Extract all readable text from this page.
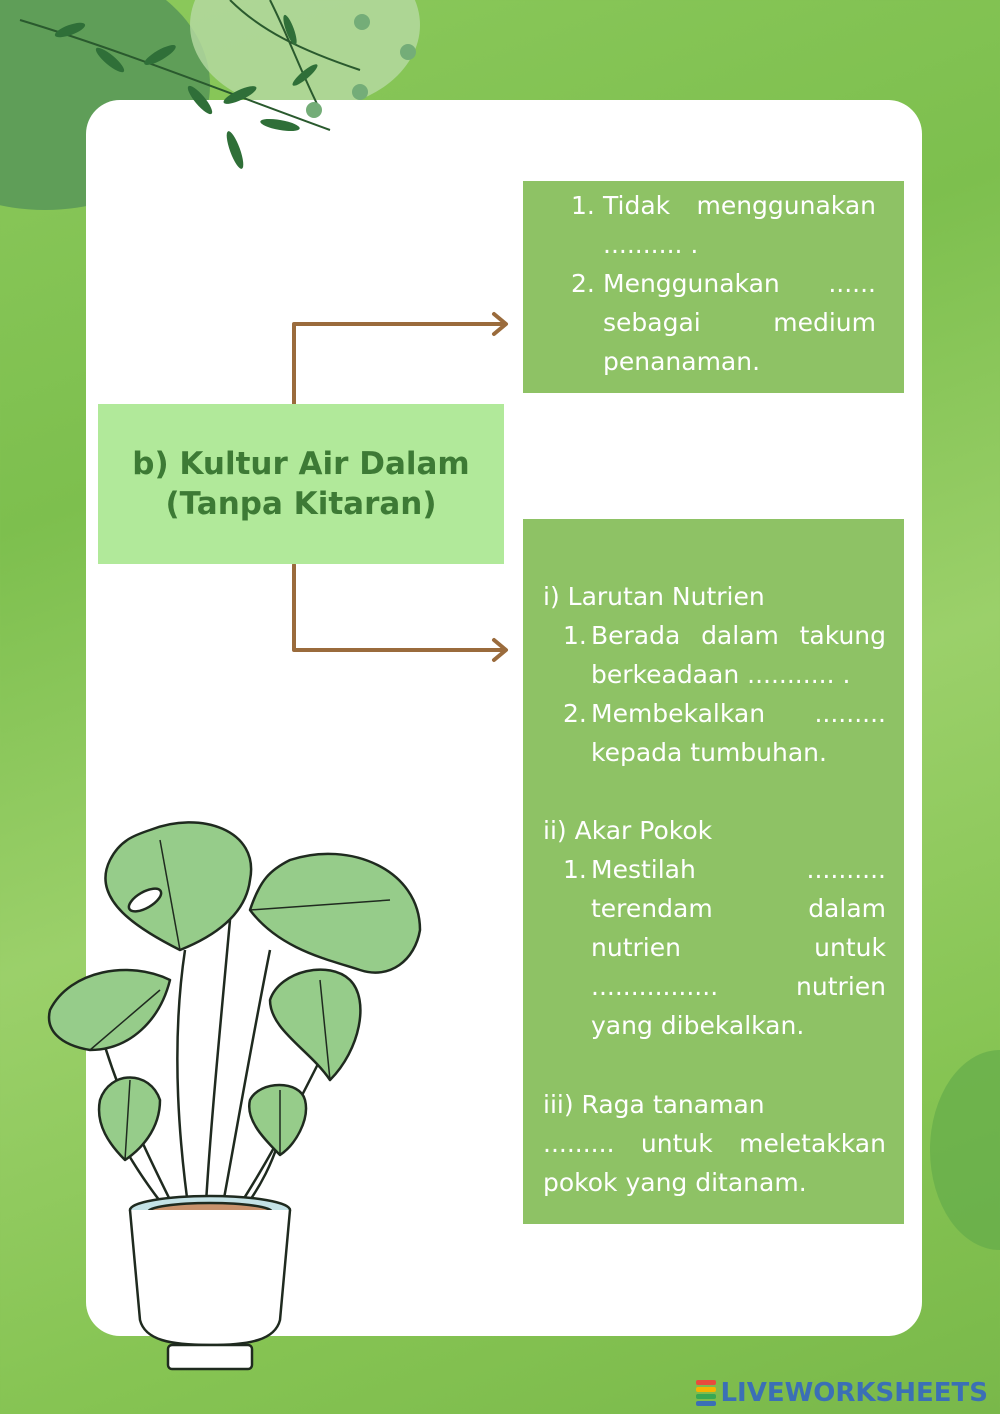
b) Kultur Air Dalam
(Tanpa Kitaran)
1. Tidak menggunakan
.......... .
2. Menggunakan ......
sebagai	medium
penanaman.
i) Larutan Nutrien
1. Berada dalam takung
berkeadaan ........... .
2. Membekalkan .........
kepada tumbuhan.
ii) Akar Pokok
1. Mestilah	..........
terendam	dalam
nutrien	untuk
................	nutrien
yang dibekalkan.
iii) Raga tanaman
......... untuk meletakkan
pokok yang ditanam.
LIVEWORKSHEETS
